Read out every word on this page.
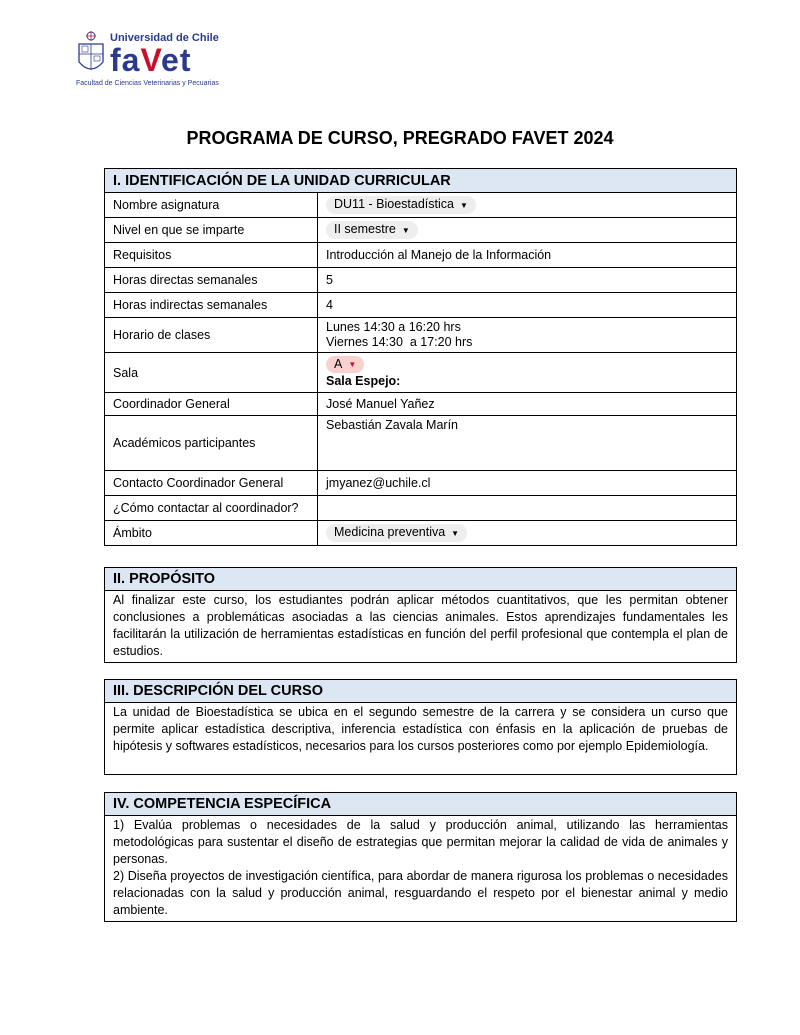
Universidad de Chile
faVet
Facultad de Ciencias Veterinarias y Pecuarias
PROGRAMA DE CURSO, PREGRADO FAVET 2024
I. IDENTIFICACIÓN DE LA UNIDAD CURRICULAR	
Nombre asignatura	DU11 - Bioestadística ▼
Nivel en que se imparte	II semestre ▼
Requisitos	Introducción al Manejo de la Información
Horas directas semanales	5
Horas indirectas semanales	4
Horario de clases	Lunes 14:30 a 16:20 hrs
Viernes 14:30  a 17:20 hrs

Sala	A ▼
Sala Espejo:

Coordinador General	José Manuel Yañez
Académicos participantes	Sebastián Zavala Marín
Contacto Coordinador General	jmyanez@uchile.cl
¿Cómo contactar al coordinador?	
Ámbito	Medicina preventiva ▼
II. PROPÓSITO
Al finalizar este curso, los estudiantes podrán aplicar métodos cuantitativos, que les permitan obtener conclusiones a problemáticas asociadas a las ciencias animales. Estos aprendizajes fundamentales les facilitarán la utilización de herramientas estadísticas en función del perfil profesional que contempla el plan de estudios.
III. DESCRIPCIÓN DEL CURSO
La unidad de Bioestadística se ubica en el segundo semestre de la carrera y se considera un curso que permite aplicar estadística descriptiva, inferencia estadística con énfasis en la aplicación de pruebas de hipótesis y softwares estadísticos, necesarios para los cursos posteriores como por ejemplo Epidemiología.
IV. COMPETENCIA ESPECÍFICA

1) Evalúa problemas o necesidades de la salud y producción animal, utilizando las herramientas metodológicas para sustentar el diseño de estrategias que permitan mejorar la calidad de vida de animales y personas.
2) Diseña proyectos de investigación científica, para abordar de manera rigurosa los problemas o necesidades relacionadas con la salud y producción animal, resguardando el respeto por el bienestar animal y medio ambiente.
